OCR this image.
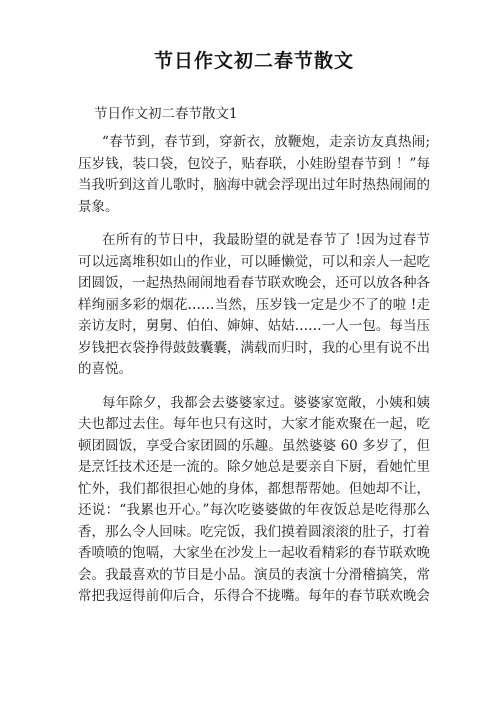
节日作文初二春节散文
节日作文初二春节散文1
“春节到，春节到，穿新衣，放鞭炮，走亲访友真热闹;
压岁钱，装口袋，包饺子，贴春联，小娃盼望春节到 ！”每
当我听到这首儿歌时，脑海中就会浮现出过年时热热闹闹的
景象。
在所有的节日中，我最盼望的就是春节了 !因为过春节
可以远离堆积如山的作业，可以睡懒觉，可以和亲人一起吃
团圆饭，一起热热闹闹地看春节联欢晚会，还可以放各种各
样绚丽多彩的烟花……当然，压岁钱一定是少不了的啦 !走
亲访友时，舅舅、伯伯、婶婶、姑姑……一人一包。每当压
岁钱把衣袋挣得鼓鼓囊囊，满载而归时，我的心里有说不出
的喜悦。
每年除夕，我都会去婆婆家过。婆婆家宽敞，小姨和姨
夫也都过去住。每年也只有这时，大家才能欢聚在一起，吃
顿团圆饭，享受合家团圆的乐趣。虽然婆婆 60 多岁了，但
是烹饪技术还是一流的。除夕她总是要亲自下厨，看她忙里
忙外，我们都很担心她的身体，都想帮帮她。但她却不让，
还说：“我累也开心。”每次吃婆婆做的年夜饭总是吃得那么
香，那么令人回味。吃完饭，我们摸着圆滚滚的肚子，打着
香喷喷的饱嗝，大家坐在沙发上一起收看精彩的春节联欢晚
会。我最喜欢的节目是小品。演员的表演十分滑稽搞笑，常
常把我逗得前仰后合，乐得合不拢嘴。每年的春节联欢晚会
